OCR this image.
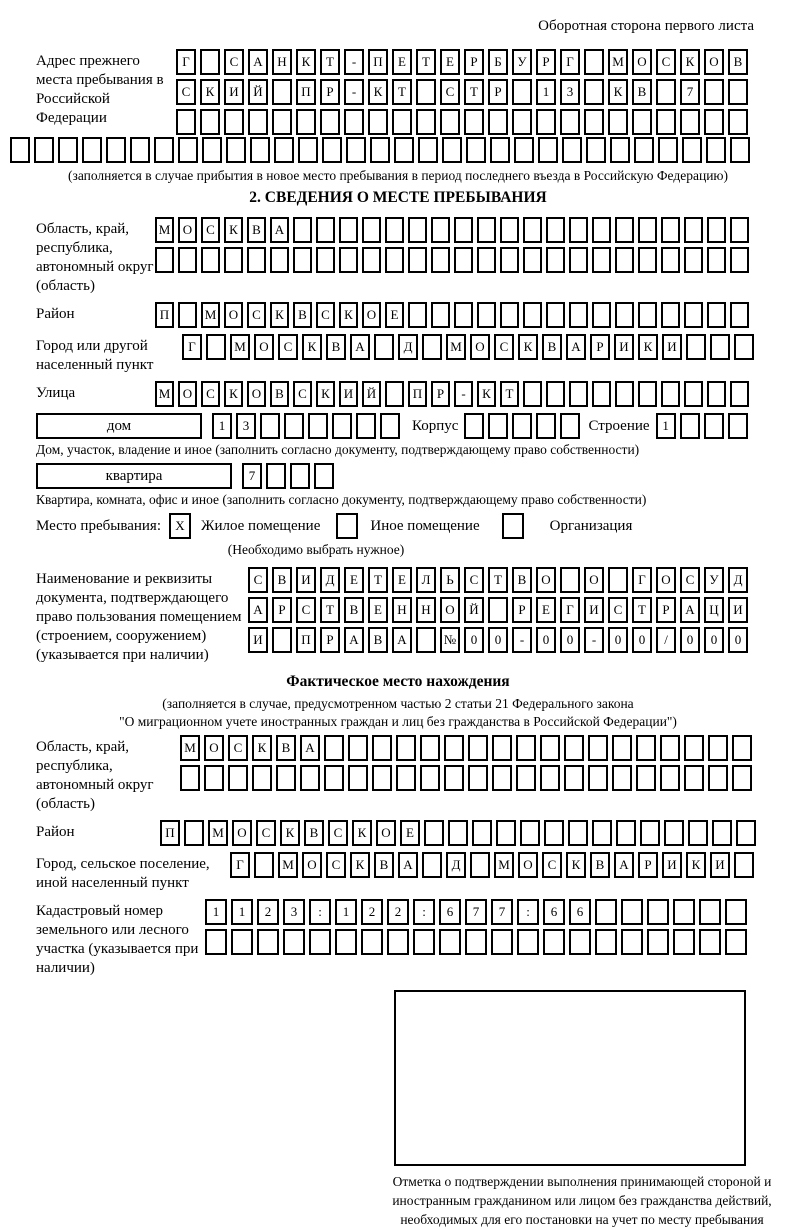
Оборотная сторона первого листа
Адрес прежнего места пребывания в Российской Федерации
Г	С	А	Н	К	Т	-	П	Е	Т	Е	Р	Б	У	Р	Г	М	О	С	К	О	В
С	К	И	Й	П	Р	-	К	Т	С	Т	Р	1	3	К	В	7
(заполняется в случае прибытия в новое место пребывания в период последнего въезда в Российскую Федерацию)
2. СВЕДЕНИЯ О МЕСТЕ ПРЕБЫВАНИЯ
Область, край, республика, автономный округ (область)
М О	С	К	В	А
Район	П	М О	С	К	В	С	К	О	Е
Город или другой населенный пункт
Г	М	О	С	К	В	А	Д	М	О	С	К	В	А	Р	И	К	И
Улица	М О	С	К	О	В	С	К	И	Й	П	Р	-	К	Т
дом	1	3	Корпус	Строение 1
Дом, участок, владение и иное (заполнить согласно документу, подтверждающему право собственности)
квартира	7
Квартира, комната, офис и иное (заполнить согласно документу, подтверждающему право собственности)
Место пребывания:	X	Жилое помещение	Иное помещение	Организация
(Необходимо выбрать нужное)
Наименование и реквизиты документа, подтверждающего право пользования помещением (строением, сооружением) (указывается при наличии)
С	В	И	Д	Е	Т	Е	Л	Ь	С	Т	В	О	О	Г	О	С	У	Д
А	Р	С	Т	В	Е	Н	Н	О	Й	Р	Е	Г	И	С	Т	Р	А	Ц	И
И	П	Р	А	В	А	№	0	0	-	0	0	-	0	0	/	0	0	0
Фактическое место нахождения
(заполняется в случае, предусмотренном частью 2 статьи 21 Федерального закона
"О миграционном учете иностранных граждан и лиц без гражданства в Российской Федерации")
Область, край, республика, автономный округ (область)
М	О	С	К	В	А
Район	П	М	О	С	К	В	С	К	О	Е
Город, сельское поселение, иной населенный пункт
Г	М	О	С	К	В	А	Д	М	О	С	К	В	А	Р	И	К	И
Кадастровый номер земельного или лесного участка (указывается при наличии)
1	1	2	3	:	1	2	2	:	6	7	7	:	6	6
Отметка о подтверждении выполнения принимающей стороной и иностранным гражданином или лицом без гражданства действий, необходимых для его постановки на учет по месту пребывания
